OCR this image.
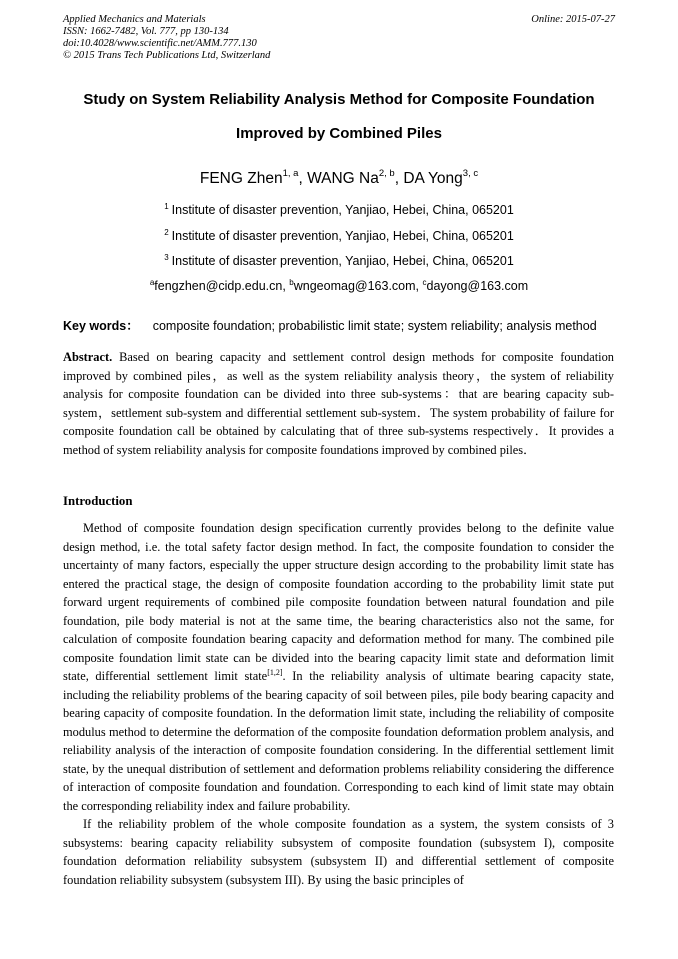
Applied Mechanics and Materials
ISSN: 1662-7482, Vol. 777, pp 130-134
doi:10.4028/www.scientific.net/AMM.777.130
© 2015 Trans Tech Publications Ltd, Switzerland
Online: 2015-07-27
Study on System Reliability Analysis Method for Composite Foundation
Improved by Combined Piles
FENG Zhen$^{1, a}$, WANG Na$^{2, b}$, DA Yong$^{3, c}$
$^1$ Institute of disaster prevention, Yanjiao, Hebei, China, 065201
$^2$ Institute of disaster prevention, Yanjiao, Hebei, China, 065201
$^3$ Institute of disaster prevention, Yanjiao, Hebei, China, 065201
$^a$fengzhen@cidp.edu.cn, $^b$wngeomag@163.com, $^c$dayong@163.com
Key words： composite foundation; probabilistic limit state; system reliability; analysis method
Abstract. Based on bearing capacity and settlement control design methods for composite foundation improved by combined piles，as well as the system reliability analysis theory，the system of reliability analysis for composite foundation can be divided into three sub-systems：that are bearing capacity sub-system，settlement sub-system and differential settlement sub-system．The system probability of failure for composite foundation call be obtained by calculating that of three sub-systems respectively．It provides a method of system reliability analysis for composite foundations improved by combined piles．
Introduction

Method of composite foundation design specification currently provides belong to the definite value design method, i.e. the total safety factor design method. In fact, the composite foundation to consider the uncertainty of many factors, especially the upper structure design according to the probability limit state has entered the practical stage, the design of composite foundation according to the probability limit state put forward urgent requirements of combined pile composite foundation between natural foundation and pile foundation, pile body material is not at the same time, the bearing characteristics also not the same, for calculation of composite foundation bearing capacity and deformation method for many. The combined pile composite foundation limit state can be divided into the bearing capacity limit state and deformation limit state, differential settlement limit state[1,2]. In the reliability analysis of ultimate bearing capacity state, including the reliability problems of the bearing capacity of soil between piles, pile body bearing capacity and bearing capacity of composite foundation. In the deformation limit state, including the reliability of composite modulus method to determine the deformation of the composite foundation deformation problem analysis, and reliability analysis of the interaction of composite foundation considering. In the differential settlement limit state, by the unequal distribution of settlement and deformation problems reliability considering the difference of interaction of composite foundation and foundation. Corresponding to each kind of limit state may obtain the corresponding reliability index and failure probability.

If the reliability problem of the whole composite foundation as a system, the system consists of 3 subsystems: bearing capacity reliability subsystem of composite foundation (subsystem I), composite foundation deformation reliability subsystem (subsystem II) and differential settlement of composite foundation reliability subsystem (subsystem III). By using the basic principles of
